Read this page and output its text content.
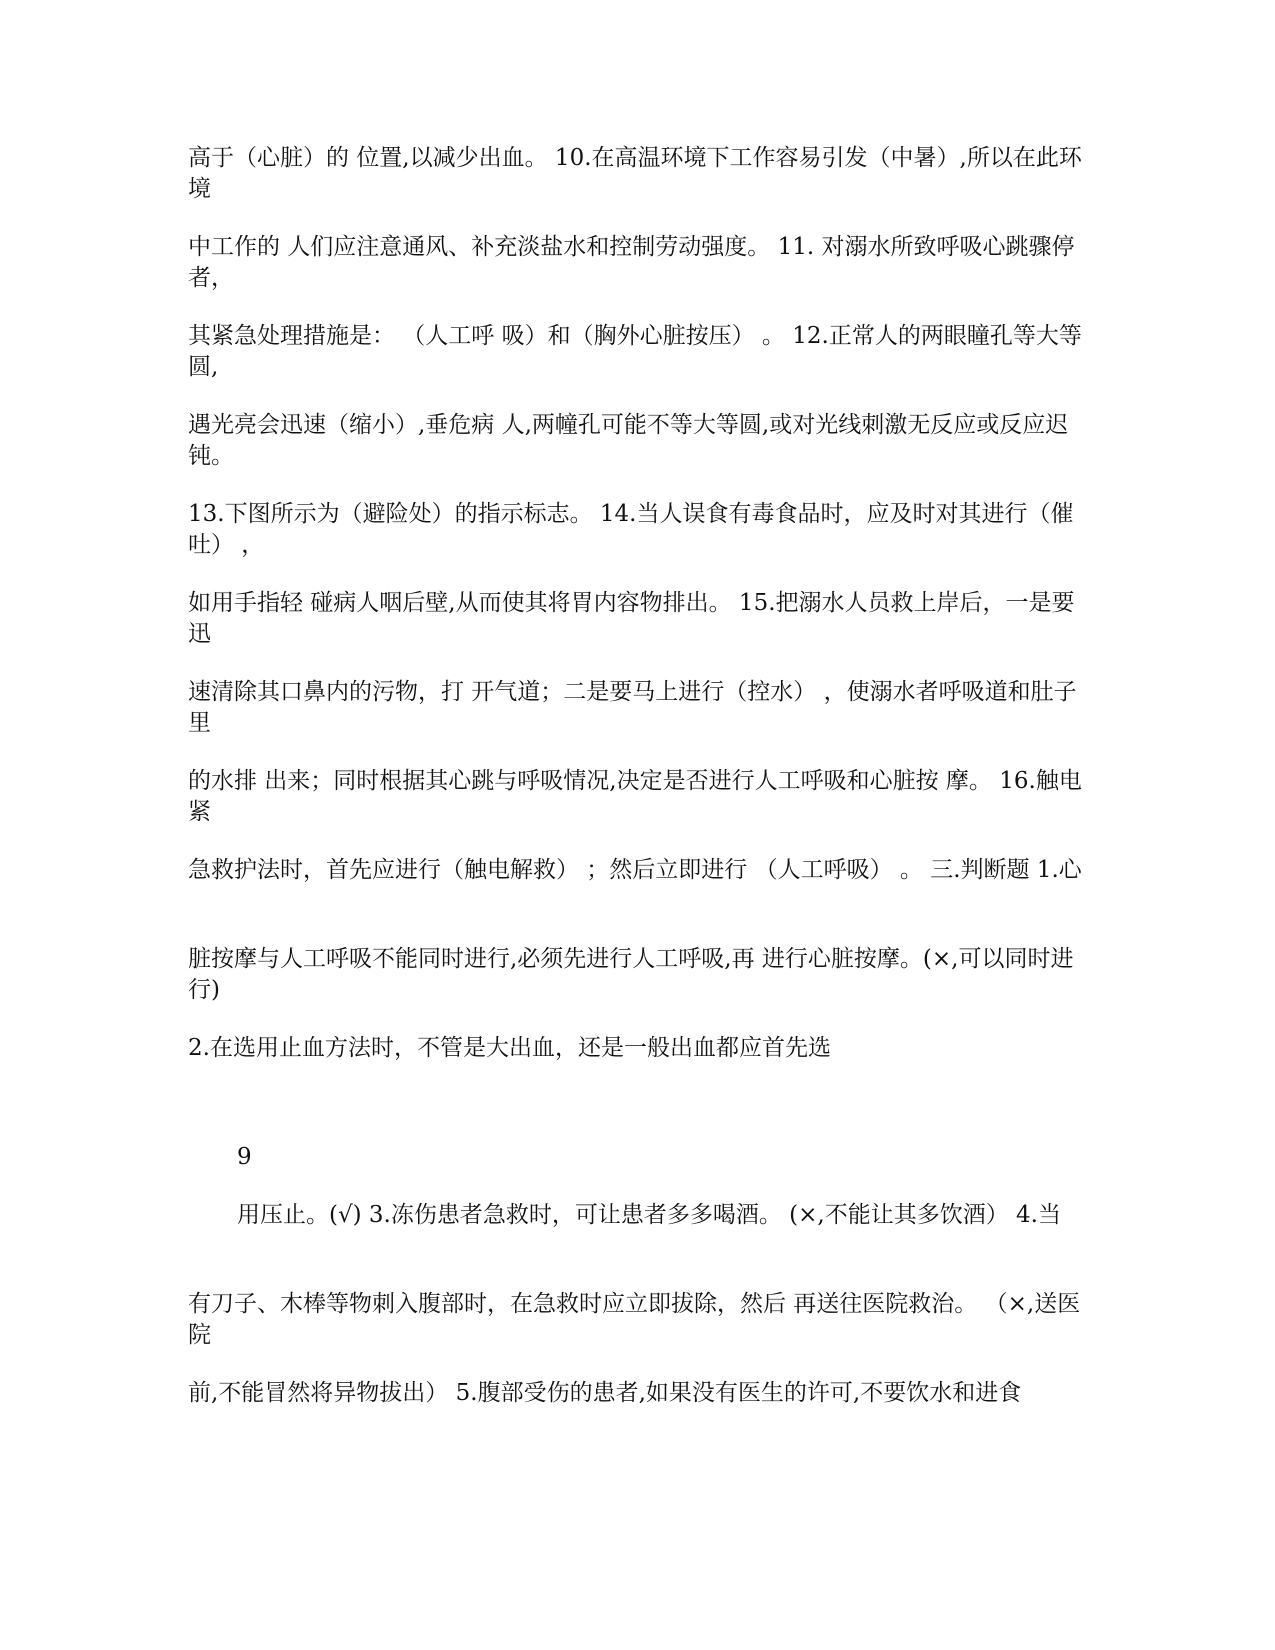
高于（心脏）的 位置,以减少出血。 10.在高温环境下工作容易引发（中暑）,所以在此环境
中工作的 人们应注意通风、补充淡盐水和控制劳动强度。 11. 对溺水所致呼吸心跳骤停者，
其紧急处理措施是： （人工呼 吸）和（胸外心脏按压） 。 12.正常人的两眼瞳孔等大等圆,
遇光亮会迅速（缩小）,垂危病 人,两幢孔可能不等大等圆,或对光线刺激无反应或反应迟钝。
13.下图所示为（避险处）的指示标志。 14.当人误食有毒食品时，应及时对其进行（催吐） ，
如用手指轻 碰病人咽后壁,从而使其将胃内容物排出。 15.把溺水人员救上岸后，一是要迅
速清除其口鼻内的污物，打 开气道；二是要马上进行（控水） ，使溺水者呼吸道和肚子里
的水排 出来；同时根据其心跳与呼吸情况,决定是否进行人工呼吸和心脏按 摩。 16.触电紧
急救护法时，首先应进行（触电解救） ；然后立即进行 （人工呼吸） 。 三.判断题 1.心
脏按摩与人工呼吸不能同时进行,必须先进行人工呼吸,再 进行心脏按摩。(×,可以同时进行)
2.在选用止血方法时，不管是大出血，还是一般出血都应首先选
9
用压止。(√) 3.冻伤患者急救时，可让患者多多喝酒。 (×,不能让其多饮酒） 4.当
有刀子、木棒等物刺入腹部时，在急救时应立即拔除，然后 再送往医院救治。 （×,送医院
前,不能冒然将异物拔出） 5.腹部受伤的患者,如果没有医生的许可,不要饮水和进食
